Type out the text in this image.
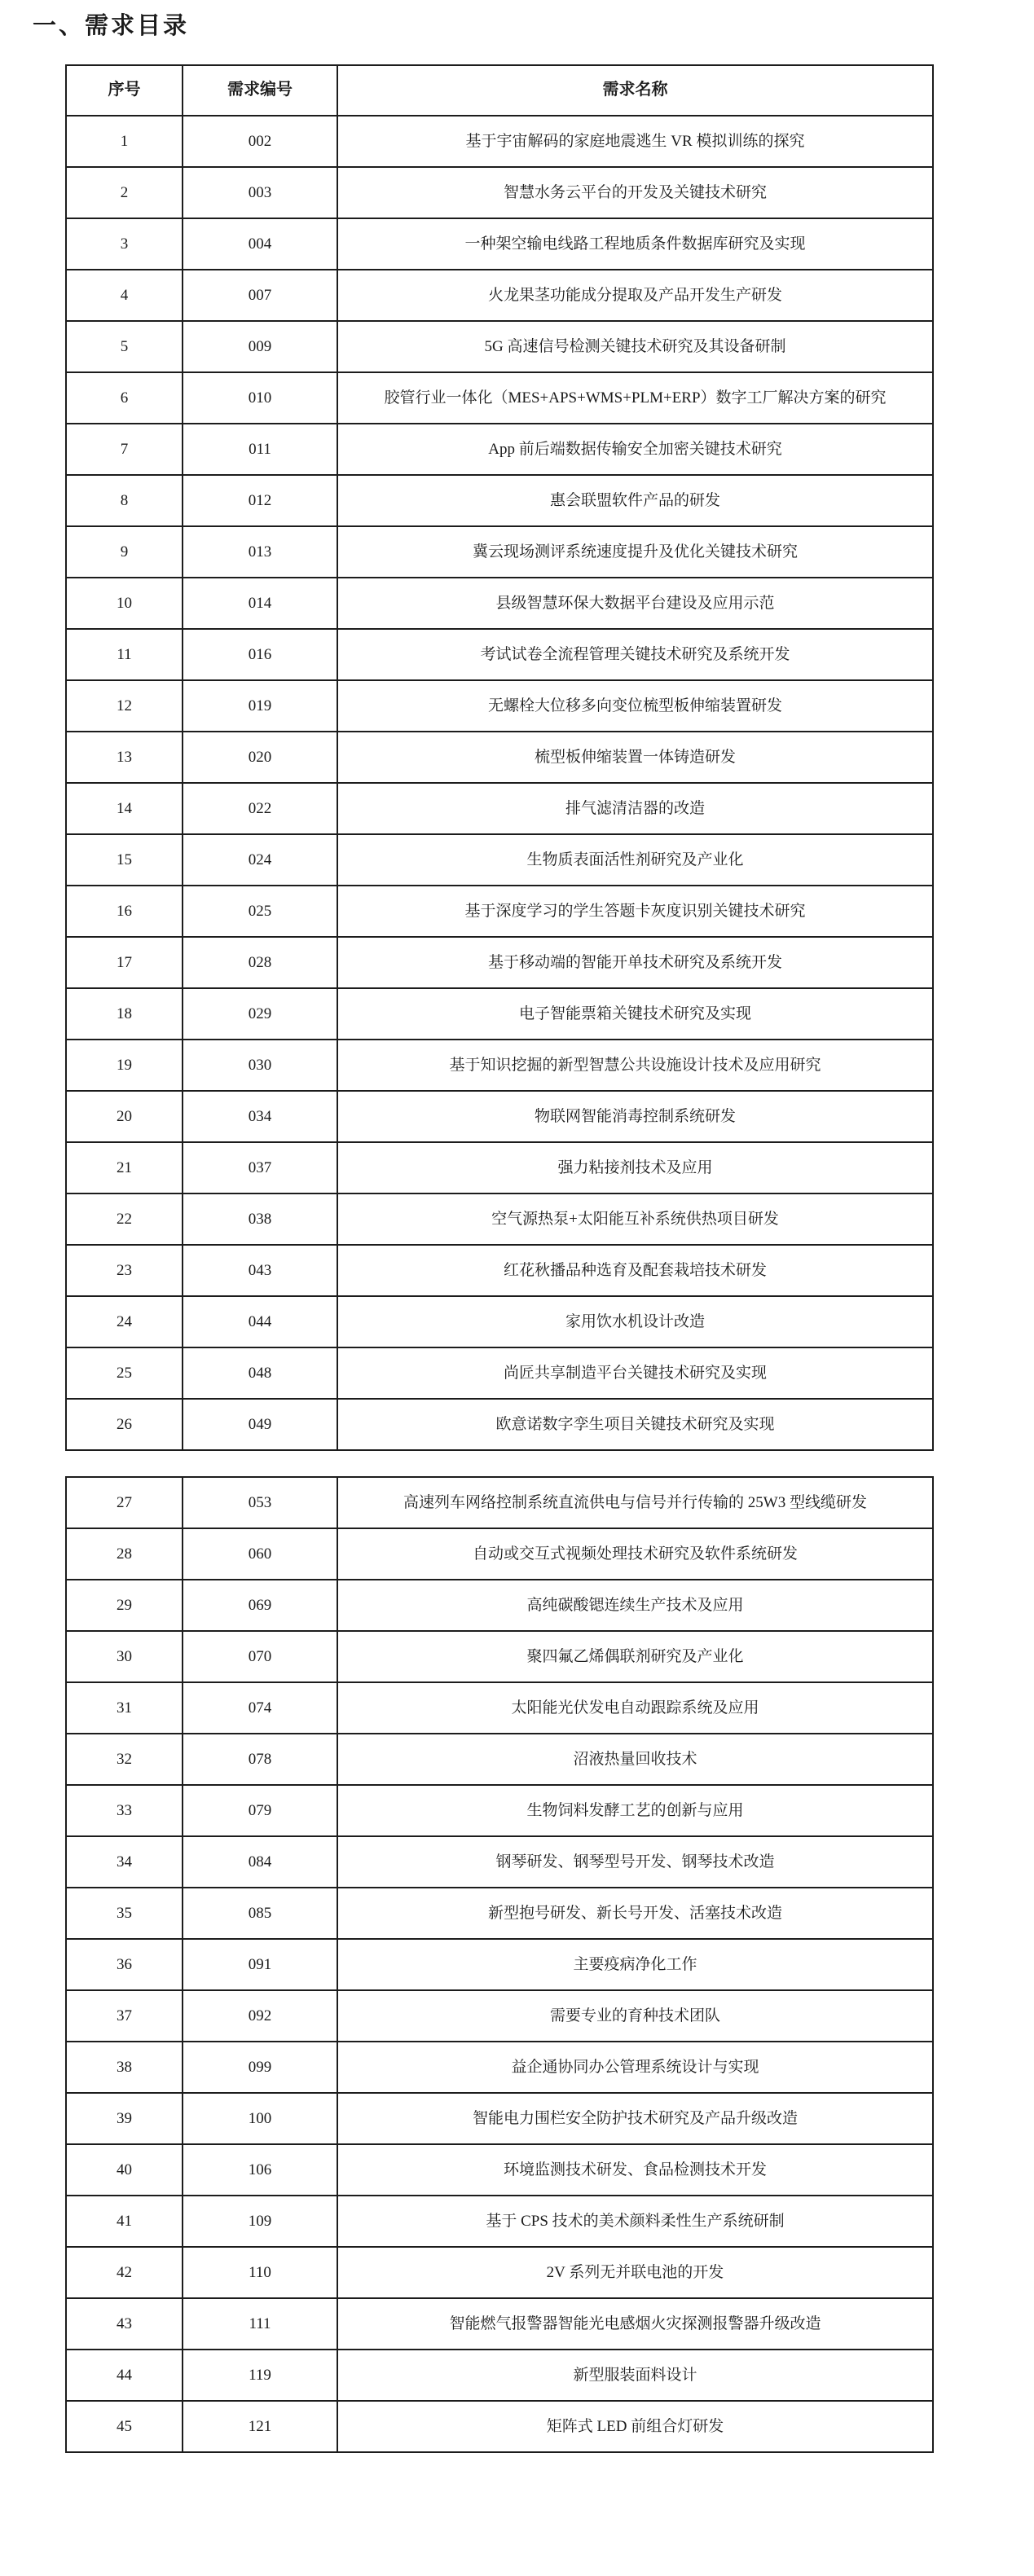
一、需求目录
序号	需求编号	需求名称
1	002	基于宇宙解码的家庭地震逃生 VR 模拟训练的探究
2	003	智慧水务云平台的开发及关键技术研究
3	004	一种架空输电线路工程地质条件数据库研究及实现
4	007	火龙果茎功能成分提取及产品开发生产研发
5	009	5G 高速信号检测关键技术研究及其设备研制
6	010	胶管行业一体化（MES+APS+WMS+PLM+ERP）数字工厂解决方案的研究
7	011	App 前后端数据传输安全加密关键技术研究
8	012	惠会联盟软件产品的研发
9	013	冀云现场测评系统速度提升及优化关键技术研究
10	014	县级智慧环保大数据平台建设及应用示范
11	016	考试试卷全流程管理关键技术研究及系统开发
12	019	无螺栓大位移多向变位梳型板伸缩装置研发
13	020	梳型板伸缩装置一体铸造研发
14	022	排气滤清洁器的改造
15	024	生物质表面活性剂研究及产业化
16	025	基于深度学习的学生答题卡灰度识别关键技术研究
17	028	基于移动端的智能开单技术研究及系统开发
18	029	电子智能票箱关键技术研究及实现
19	030	基于知识挖掘的新型智慧公共设施设计技术及应用研究
20	034	物联网智能消毒控制系统研发
21	037	强力粘接剂技术及应用
22	038	空气源热泵+太阳能互补系统供热项目研发
23	043	红花秋播品种选育及配套栽培技术研发
24	044	家用饮水机设计改造
25	048	尚匠共享制造平台关键技术研究及实现
26	049	欧意诺数字孪生项目关键技术研究及实现
27	053	高速列车网络控制系统直流供电与信号并行传输的 25W3 型线缆研发
28	060	自动或交互式视频处理技术研究及软件系统研发
29	069	高纯碳酸锶连续生产技术及应用
30	070	聚四氟乙烯偶联剂研究及产业化
31	074	太阳能光伏发电自动跟踪系统及应用
32	078	沼液热量回收技术
33	079	生物饲料发酵工艺的创新与应用
34	084	钢琴研发、钢琴型号开发、钢琴技术改造
35	085	新型抱号研发、新长号开发、活塞技术改造
36	091	主要疫病净化工作
37	092	需要专业的育种技术团队
38	099	益企通协同办公管理系统设计与实现
39	100	智能电力围栏安全防护技术研究及产品升级改造
40	106	环境监测技术研发、食品检测技术开发
41	109	基于 CPS 技术的美术颜料柔性生产系统研制
42	110	2V 系列无并联电池的开发
43	111	智能燃气报警器智能光电感烟火灾探测报警器升级改造
44	119	新型服装面料设计
45	121	矩阵式 LED 前组合灯研发
